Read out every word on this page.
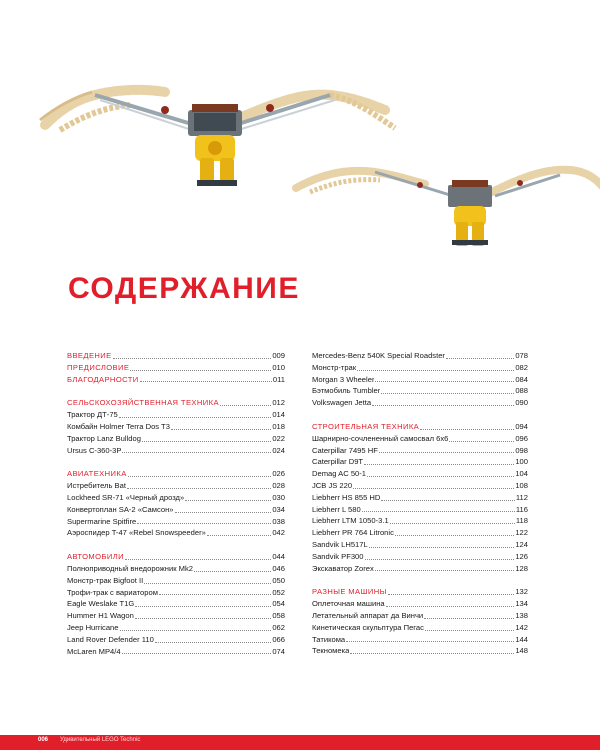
СОДЕРЖАНИЕ
ВВЕДЕНИЕ	009
ПРЕДИСЛОВИЕ	010
БЛАГОДАРНОСТИ	011
СЕЛЬСКОХОЗЯЙСТВЕННАЯ ТЕХНИКА	012
Трактор ДТ-75	014
Комбайн Holmer Terra Dos T3	018
Трактор Lanz Bulldog	022
Ursus C-360-3P	024
АВИАТЕХНИКА	026
Истребитель Bat	028
Lockheed SR-71 «Черный дрозд»	030
Конвертоплан SA-2 «Самсон»	034
Supermarine Spitfire	038
Аэроспидер T-47 «Rebel Snowspeeder»	042
АВТОМОБИЛИ	044
Полноприводный внедорожник Mk2	046
Монстр-трак Bigfoot II	050
Трофи-трак с вариатором	052
Eagle Weslake T1G	054
Hummer H1 Wagon	058
Jeep Hurricane	062
Land Rover Defender 110	066
McLaren MP4/4	074
Mercedes-Benz 540K Special Roadster	078
Монстр-трак	082
Morgan 3 Wheeler	084
Бэтмобиль Tumbler	088
Volkswagen Jetta	090
СТРОИТЕЛЬНАЯ ТЕХНИКА	094
Шарнирно-сочлененный самосвал 6х6	096
Caterpillar 7495 HF	098
Caterpillar D9T	100
Demag AC 50-1	104
JCB JS 220	108
Liebherr HS 855 HD	112
Liebherr L 580	116
Liebherr LTM 1050-3.1	118
Liebherr PR 764 Litronic	122
Sandvik LH517L	124
Sandvik PF300	126
Экскаватор Zorex	128
РАЗНЫЕ МАШИНЫ	132
Оплеточная машина	134
Летательный аппарат да Винчи	138
Кинетическая скульптура Пегас	142
Татикома	144
Текномека	148
006 Удивительный LEGO Technic
